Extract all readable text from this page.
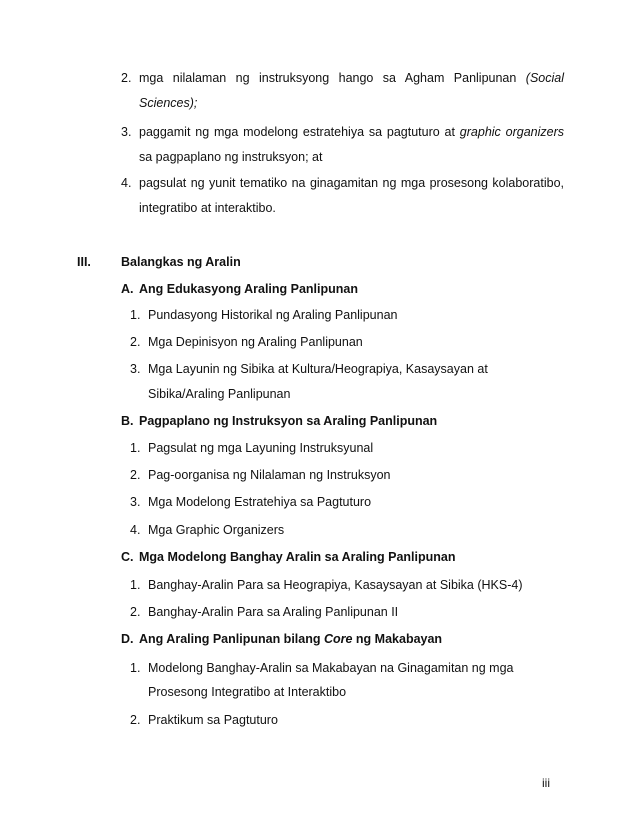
2. mga nilalaman ng instruksyong hango sa Agham Panlipunan (Social
Sciences);
3. paggamit ng mga modelong estratehiya sa pagtuturo at graphic organizers
sa pagpaplano ng instruksyon; at
4. pagsulat ng yunit tematiko na ginagamitan ng mga prosesong kolaboratibo,
integratibo at interaktibo.
III. Balangkas ng Aralin
A. Ang Edukasyong Araling Panlipunan
1. Pundasyong Historikal ng Araling Panlipunan
2. Mga Depinisyon ng Araling Panlipunan
3. Mga Layunin ng Sibika at Kultura/Heograpiya, Kasaysayan at
Sibika/Araling Panlipunan
B. Pagpaplano ng Instruksyon sa Araling Panlipunan
1. Pagsulat ng mga Layuning Instruksyunal
2. Pag-oorganisa ng Nilalaman ng Instruksyon
3. Mga Modelong Estratehiya sa Pagtuturo
4. Mga Graphic Organizers
C. Mga Modelong Banghay Aralin sa Araling Panlipunan
1. Banghay-Aralin Para sa Heograpiya, Kasaysayan at Sibika (HKS-4)
2. Banghay-Aralin Para sa Araling Panlipunan II
D. Ang Araling Panlipunan bilang Core ng Makabayan
1. Modelong Banghay-Aralin sa Makabayan na Ginagamitan ng mga
Prosesong Integratibo at Interaktibo
2. Praktikum sa Pagtuturo
iii
